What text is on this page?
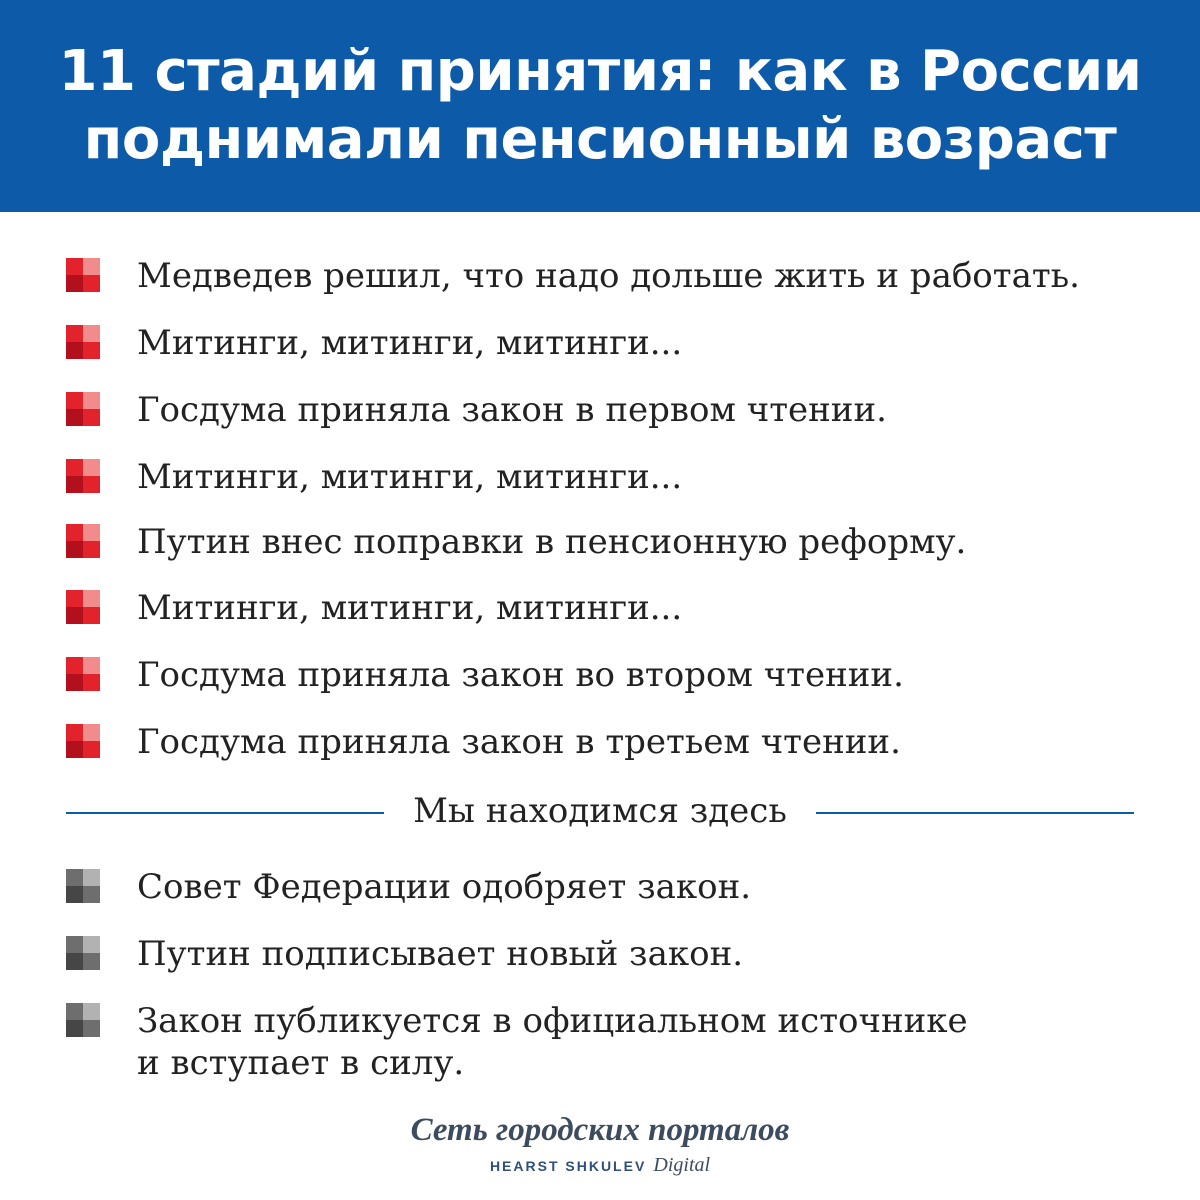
11 стадий принятия: как в России
поднимали пенсионный возраст
Медведев решил, что надо дольше жить и работать.
Митинги, митинги, митинги...
Госдума приняла закон в первом чтении.
Митинги, митинги, митинги...
Путин внес поправки в пенсионную реформу.
Митинги, митинги, митинги...
Госдума приняла закон во втором чтении.
Госдума приняла закон в третьем чтении.
Мы находимся здесь
Совет Федерации одобряет закон.
Путин подписывает новый закон.
Закон публикуется в официальном источнике
и вступает в силу.
Сеть городских порталов
HEARST SHKULEV Digital
